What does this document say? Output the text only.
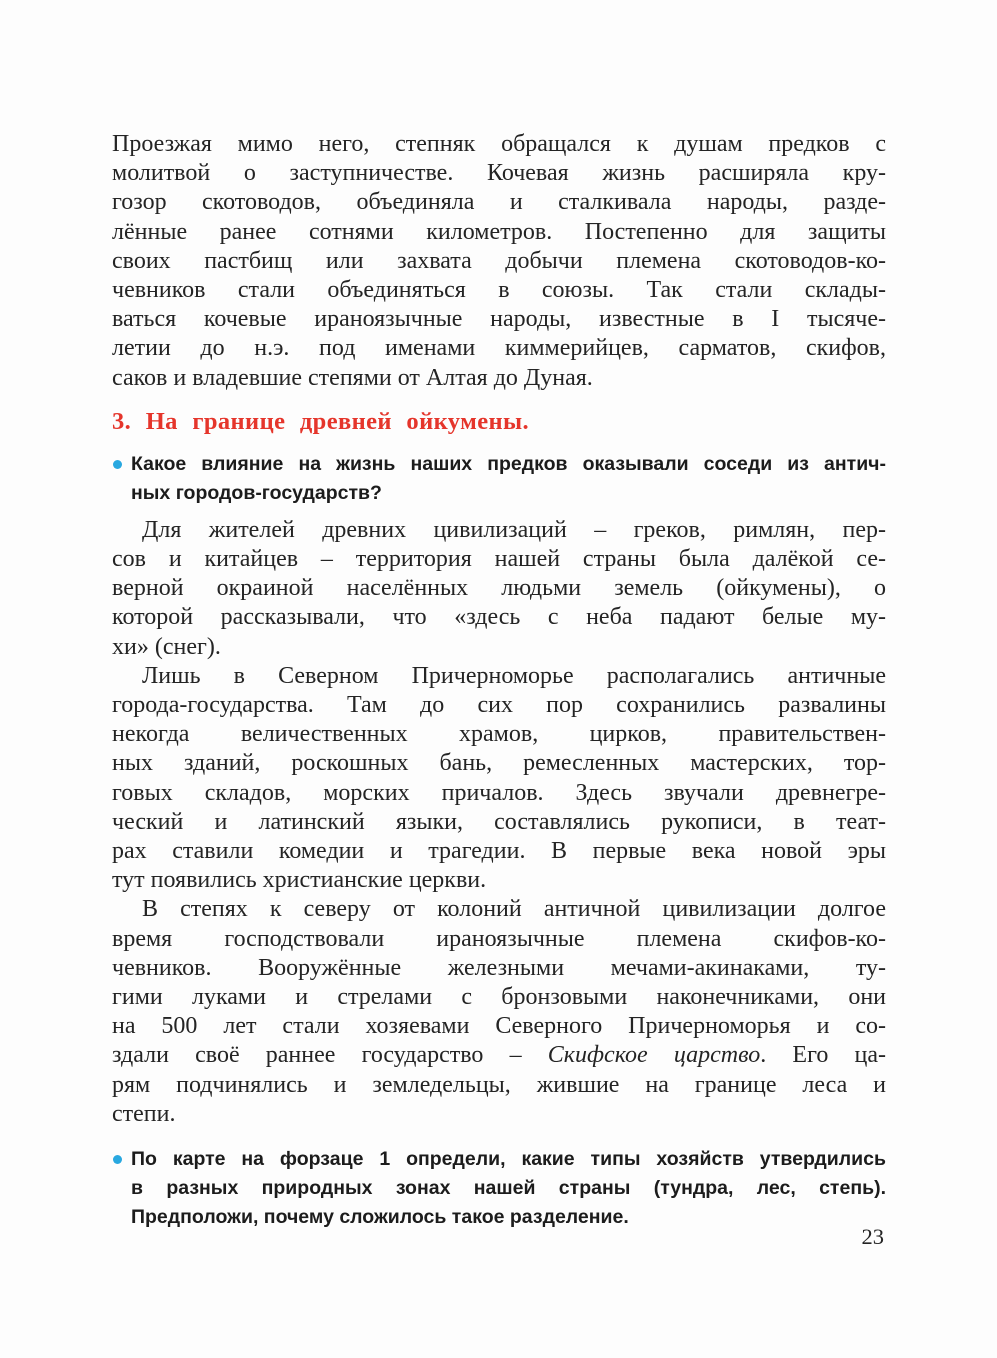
Проезжая мимо него, степняк обращался к душам предков с
молитвой о заступничестве. Кочевая жизнь расширяла кру-
гозор скотоводов, объединяла и сталкивала народы, разде-
лённые ранее сотнями километров. Постепенно для защиты
своих пастбищ или захвата добычи племена скотоводов-ко-
чевников стали объединяться в союзы. Так стали склады-
ваться кочевые ираноязычные народы, известные в I тысяче-
летии до н.э. под именами киммерийцев, сарматов, скифов,
саков и владевшие степями от Алтая до Дуная.
3. На границе древней ойкумены.
Какое влияние на жизнь наших предков оказывали соседи из антич-
ных городов-государств?
Для жителей древних цивилизаций – греков, римлян, пер-
сов и китайцев – территория нашей страны была далёкой се-
верной окраиной населённых людьми земель (ойкумены), о
которой рассказывали, что «здесь с неба падают белые му-
хи» (снег).
Лишь в Северном Причерноморье располагались античные
города-государства. Там до сих пор сохранились развалины
некогда величественных храмов, цирков, правительствен-
ных зданий, роскошных бань, ремесленных мастерских, тор-
говых складов, морских причалов. Здесь звучали древнегре-
ческий и латинский языки, составлялись рукописи, в теат-
рах ставили комедии и трагедии. В первые века новой эры
тут появились христианские церкви.
В степях к северу от колоний античной цивилизации долгое
время господствовали ираноязычные племена скифов-ко-
чевников. Вооружённые железными мечами-акинаками, ту-
гими луками и стрелами с бронзовыми наконечниками, они
на 500 лет стали хозяевами Северного Причерноморья и со-
здали своё раннее государство – Скифское царство. Его ца-
рям подчинялись и земледельцы, жившие на границе леса и
степи.
По карте на форзаце 1 определи, какие типы хозяйств утвердились
в разных природных зонах нашей страны (тундра, лес, степь).
Предположи, почему сложилось такое разделение.
23
